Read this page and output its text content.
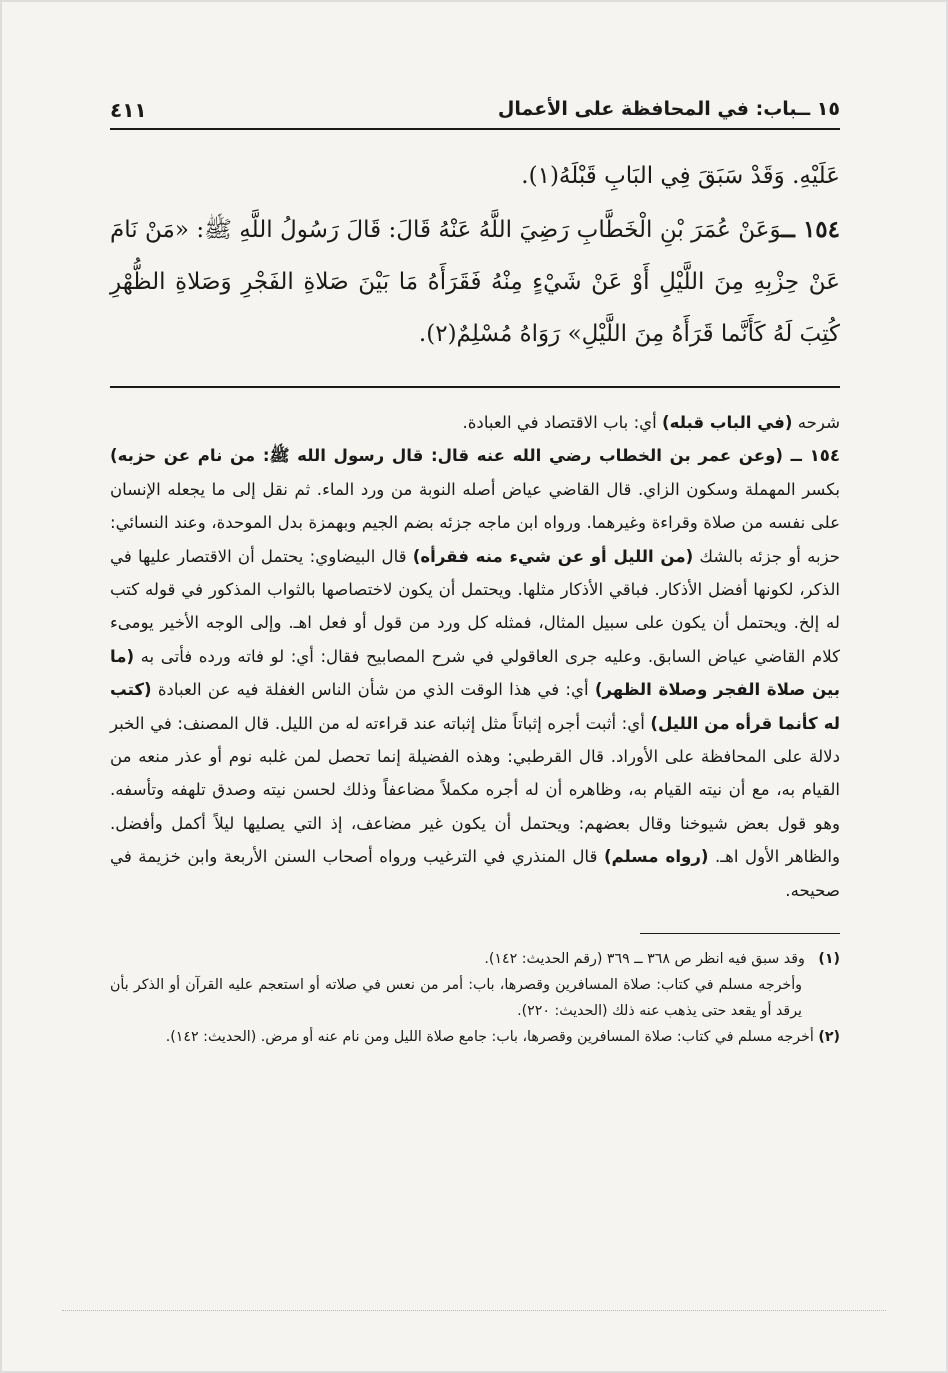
١٥ ــباب: في المحافظة على الأعمال
٤١١

عَلَيْهِ. وَقَدْ سَبَقَ فِي البَابِ قَبْلَهُ(١).

١٥٤ ــوَعَنْ عُمَرَ بْنِ الْخَطَّابِ رَضِيَ اللَّهُ عَنْهُ قَالَ: قَالَ رَسُولُ اللَّهِ ﷺ: «مَنْ نَامَ عَنْ حِزْبِهِ مِنَ اللَّيْلِ أَوْ عَنْ شَيْءٍ مِنْهُ فَقَرَأَهُ مَا بَيْنَ صَلاةِ الفَجْرِ وَصَلاةِ الظُّهْرِ كُتِبَ لَهُ كَأَنَّما قَرَأَهُ مِنَ اللَّيْلِ» رَوَاهُ مُسْلِمٌ(٢).

شرحه (في الباب قبله) أي: باب الاقتصاد في العبادة.

١٥٤ ــ (وعن عمر بن الخطاب رضي الله عنه قال: قال رسول الله ﷺ: من نام عن حزبه) بكسر المهملة وسكون الزاي. قال القاضي عياض أصله النوبة من ورد الماء. ثم نقل إلى ما يجعله الإنسان على نفسه من صلاة وقراءة وغيرهما. ورواه ابن ماجه جزئه بضم الجيم وبهمزة بدل الموحدة، وعند النسائي: حزبه أو جزئه بالشك (من الليل أو عن شيء منه فقرأه) قال البيضاوي: يحتمل أن الاقتصار عليها في الذكر، لكونها أفضل الأذكار. فباقي الأذكار مثلها. ويحتمل أن يكون لاختصاصها بالثواب المذكور في قوله كتب له إلخ. ويحتمل أن يكون على سبيل المثال، فمثله كل ورد من قول أو فعل اهـ. وإلى الوجه الأخير يومىء كلام القاضي عياض السابق. وعليه جرى العاقولي في شرح المصابيح فقال: أي: لو فاته ورده فأتى به (ما بين صلاة الفجر وصلاة الظهر) أي: في هذا الوقت الذي من شأن الناس الغفلة فيه عن العبادة (كتب له كأنما قرأه من الليل) أي: أثبت أجره إثباتاً مثل إثباته عند قراءته له من الليل. قال المصنف: في الخبر دلالة على المحافظة على الأوراد. قال القرطبي: وهذه الفضيلة إنما تحصل لمن غلبه نوم أو عذر منعه من القيام به، مع أن نيته القيام به، وظاهره أن له أجره مكملاً مضاعفاً وذلك لحسن نيته وصدق تلهفه وتأسفه. وهو قول بعض شيوخنا وقال بعضهم: ويحتمل أن يكون غير مضاعف، إذ التي يصليها ليلاً أكمل وأفضل. والظاهر الأول اهـ. (رواه مسلم) قال المنذري في الترغيب ورواه أصحاب السنن الأربعة وابن خزيمة في صحيحه.

(١)   وقد سبق فيه انظر ص ٣٦٨ ــ ٣٦٩ (رقم الحديث: ١٤٢).

وأخرجه مسلم في كتاب: صلاة المسافرين وقصرها، باب: أمر من نعس في صلاته أو استعجم عليه القرآن أو الذكر بأن يرقد أو يقعد حتى يذهب عنه ذلك (الحديث: ٢٢٠).

(٢) أخرجه مسلم في كتاب: صلاة المسافرين وقصرها، باب: جامع صلاة الليل ومن نام عنه أو مرض. (الحديث: ١٤٢).
